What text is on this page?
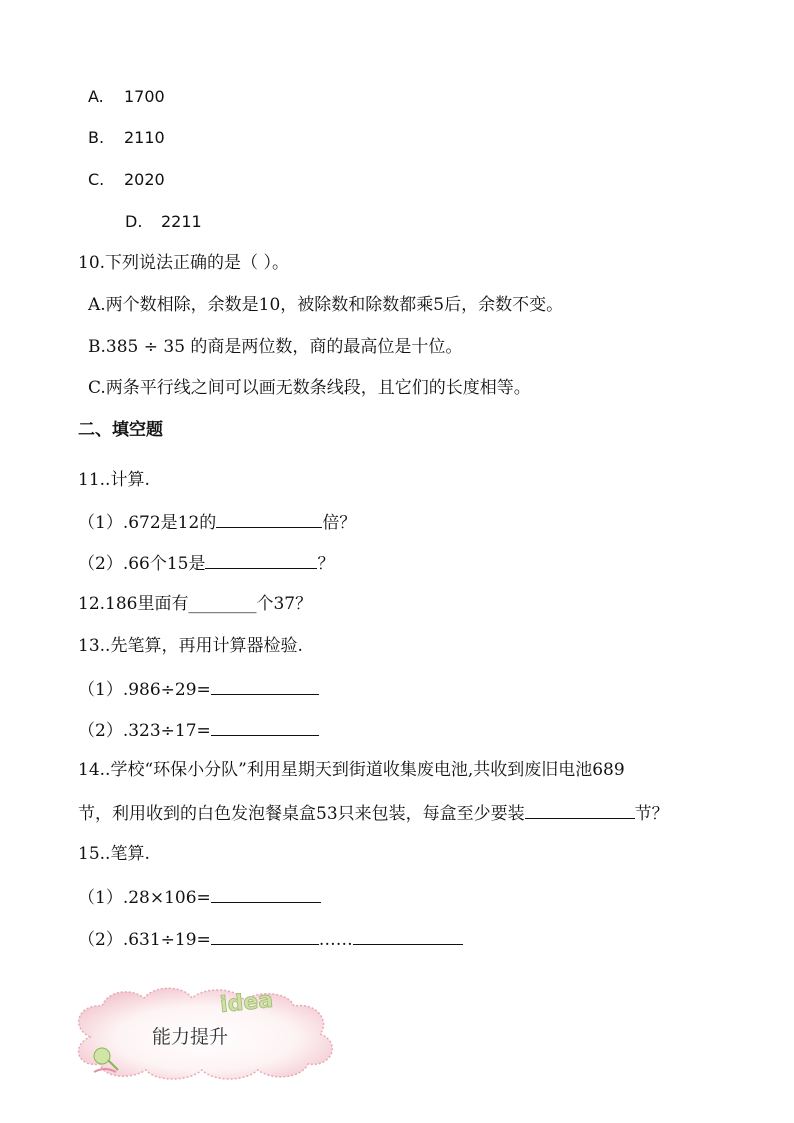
A. 1700
B. 2110
C. 2020
D. 2211
10.下列说法正确的是（ ）。
A.两个数相除，余数是10，被除数和除数都乘5后，余数不变。
B.385 ÷ 35 的商是两位数，商的最高位是十位。
C.两条平行线之间可以画无数条线段，且它们的长度相等。
二、填空题
11..计算.
（1）.672是12的	倍？
（2）.66个15是	？
12.186里面有________个37？
13..先笔算，再用计算器检验.
（1）.986÷29=
（2）.323÷17=
14..学校“环保小分队”利用星期天到街道收集废电池,共收到废旧电池689
节，利用收到的白色发泡餐桌盒53只来包装，每盒至少要装	节？
15..笔算.
（1）.28×106=
（2）.631÷19=	……
idea
能力提升
